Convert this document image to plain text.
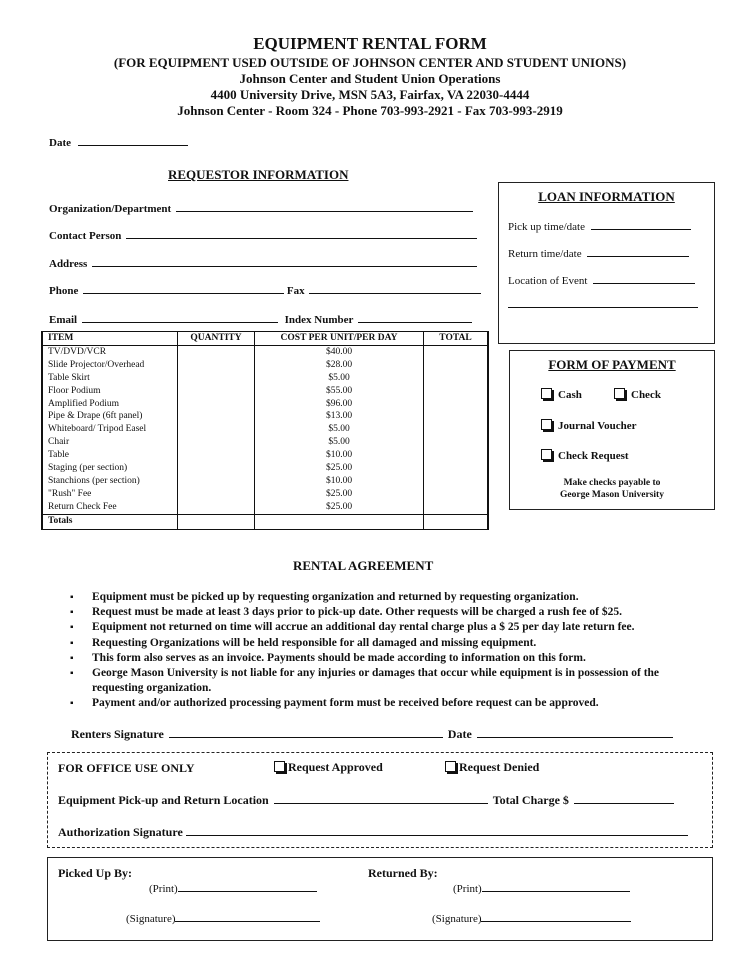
EQUIPMENT RENTAL FORM
(FOR EQUIPMENT USED OUTSIDE OF JOHNSON CENTER AND STUDENT UNIONS)
Johnson Center and Student Union Operations
4400 University Drive, MSN 5A3, Fairfax, VA 22030-4444
Johnson Center - Room 324 - Phone 703-993-2921 - Fax 703-993-2919
Date
REQUESTOR INFORMATION
Organization/Department
Contact Person
Address
Phone	Fax
Email	Index Number
LOAN INFORMATION
Pick up time/date
Return time/date
Location of Event
ITEM	QUANTITY	COST PER UNIT/PER DAY	TOTAL
TV/DVD/VCR		$40.00	
Slide Projector/Overhead		$28.00	
Table Skirt		$5.00	
Floor Podium		$55.00	
Amplified Podium		$96.00	
Pipe & Drape (6ft panel)		$13.00	
Whiteboard/ Tripod Easel		$5.00	
Chair		$5.00	
Table		$10.00	
Staging (per section)		$25.00	
Stanchions (per section)		$10.00	
"Rush" Fee		$25.00	
Return Check Fee		$25.00	
Totals			
FORM OF PAYMENT
Cash	Check
Journal Voucher
Check Request
Make checks payable to
George Mason University
RENTAL AGREEMENT
▪ Equipment must be picked up by requesting organization and returned by requesting organization.
▪ Request must be made at least 3 days prior to pick-up date. Other requests will be charged a rush fee of $25.
▪ Equipment not returned on time will accrue an additional day rental charge plus a $ 25 per day late return fee.
▪ Requesting Organizations will be held responsible for all damaged and missing equipment.
▪ This form also serves as an invoice. Payments should be made according to information on this form.
▪ George Mason University is not liable for any injuries or damages that occur while equipment is in possession of the requesting organization.
▪ Payment and/or authorized processing payment form must be received before request can be approved.
Renters Signature	Date
FOR OFFICE USE ONLY	Request Approved	Request Denied
Equipment Pick-up and Return Location	Total Charge $
Authorization Signature
Picked Up By:	Returned By:
(Print)
(Signature)
(Print)
(Signature)
